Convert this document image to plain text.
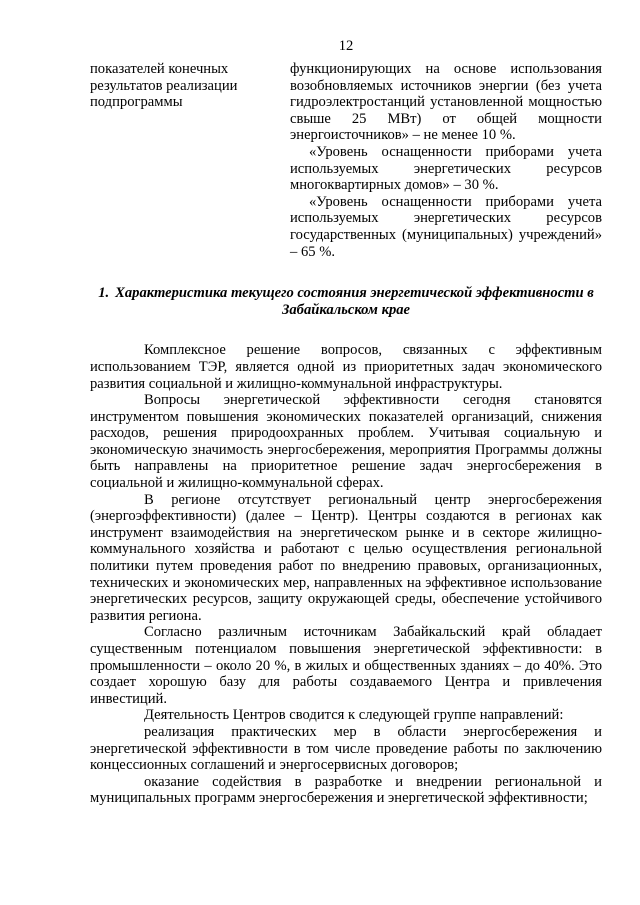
12

показателей конечных результатов реализации подпрограммы

функционирующих на основе использования возобновляемых источников энергии (без учета гидроэлектростанций установленной мощностью свыше 25 МВт) от общей мощности энергоисточников» – не менее 10 %.

«Уровень оснащенности приборами учета используемых энергетических ресурсов многоквартирных домов» – 30 %.

«Уровень оснащенности приборами учета используемых энергетических ресурсов государственных (муниципальных) учреждений» – 65 %.

1. Характеристика текущего состояния энергетической эффективности в Забайкальском крае

Комплексное решение вопросов, связанных с эффективным использованием ТЭР, является одной из приоритетных задач экономического развития социальной и жилищно-коммунальной инфраструктуры.

Вопросы энергетической эффективности сегодня становятся инструментом повышения экономических показателей организаций, снижения расходов, решения природоохранных проблем. Учитывая социальную и экономическую значимость энергосбережения, мероприятия Программы должны быть направлены на приоритетное решение задач энергосбережения в социальной и жилищно-коммунальной сферах.

В регионе отсутствует региональный центр энергосбережения (энергоэффективности) (далее – Центр). Центры создаются в регионах как инструмент взаимодействия на энергетическом рынке и в секторе жилищно-коммунального хозяйства и работают с целью осуществления региональной политики путем проведения работ по внедрению правовых, организационных, технических и экономических мер, направленных на эффективное использование энергетических ресурсов, защиту окружающей среды, обеспечение устойчивого развития региона.

Согласно различным источникам Забайкальский край обладает существенным потенциалом повышения энергетической эффективности: в промышленности – около 20 %, в жилых и общественных зданиях – до 40%. Это создает хорошую базу для работы создаваемого Центра и привлечения инвестиций.

Деятельность Центров сводится к следующей группе направлений:

реализация практических мер в области энергосбережения и энергетической эффективности в том числе проведение работы по заключению концессионных соглашений и энергосервисных договоров;

оказание содействия в разработке и внедрении региональной и муниципальных программ энергосбережения и энергетической эффективности;
